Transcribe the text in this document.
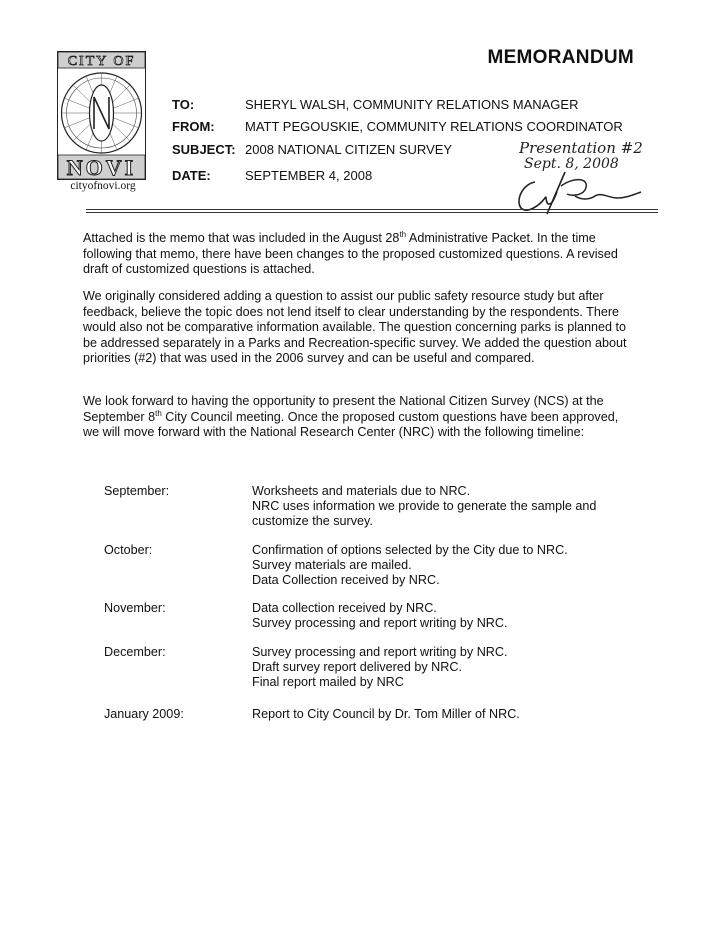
MEMORANDUM
CITY OF
NOVI
cityofnovi.org
TO:	SHERYL WALSH, COMMUNITY RELATIONS MANAGER
FROM: MATT PEGOUSKIE, COMMUNITY RELATIONS COORDINATOR
SUBJECT: 2008 NATIONAL CITIZEN SURVEY
DATE:	SEPTEMBER 4, 2008
Presentation #2
Sept. 8, 2008
Attached is the memo that was included in the August 28th Administrative Packet. In the time following that memo, there have been changes to the proposed customized questions. A revised draft of customized questions is attached.
We originally considered adding a question to assist our public safety resource study but after feedback, believe the topic does not lend itself to clear understanding by the respondents. There would also not be comparative information available. The question concerning parks is planned to be addressed separately in a Parks and Recreation-specific survey. We added the question about priorities (#2) that was used in the 2006 survey and can be useful and compared.
We look forward to having the opportunity to present the National Citizen Survey (NCS) at the September 8th City Council meeting. Once the proposed custom questions have been approved, we will move forward with the National Research Center (NRC) with the following timeline:
September:	Worksheets and materials due to NRC.
NRC uses information we provide to generate the sample and
customize the survey.
October:	Confirmation of options selected by the City due to NRC.
Survey materials are mailed.
Data Collection received by NRC.
November:	Data collection received by NRC.
Survey processing and report writing by NRC.
December:	Survey processing and report writing by NRC.
Draft survey report delivered by NRC.
Final report mailed by NRC
January 2009:	Report to City Council by Dr. Tom Miller of NRC.
